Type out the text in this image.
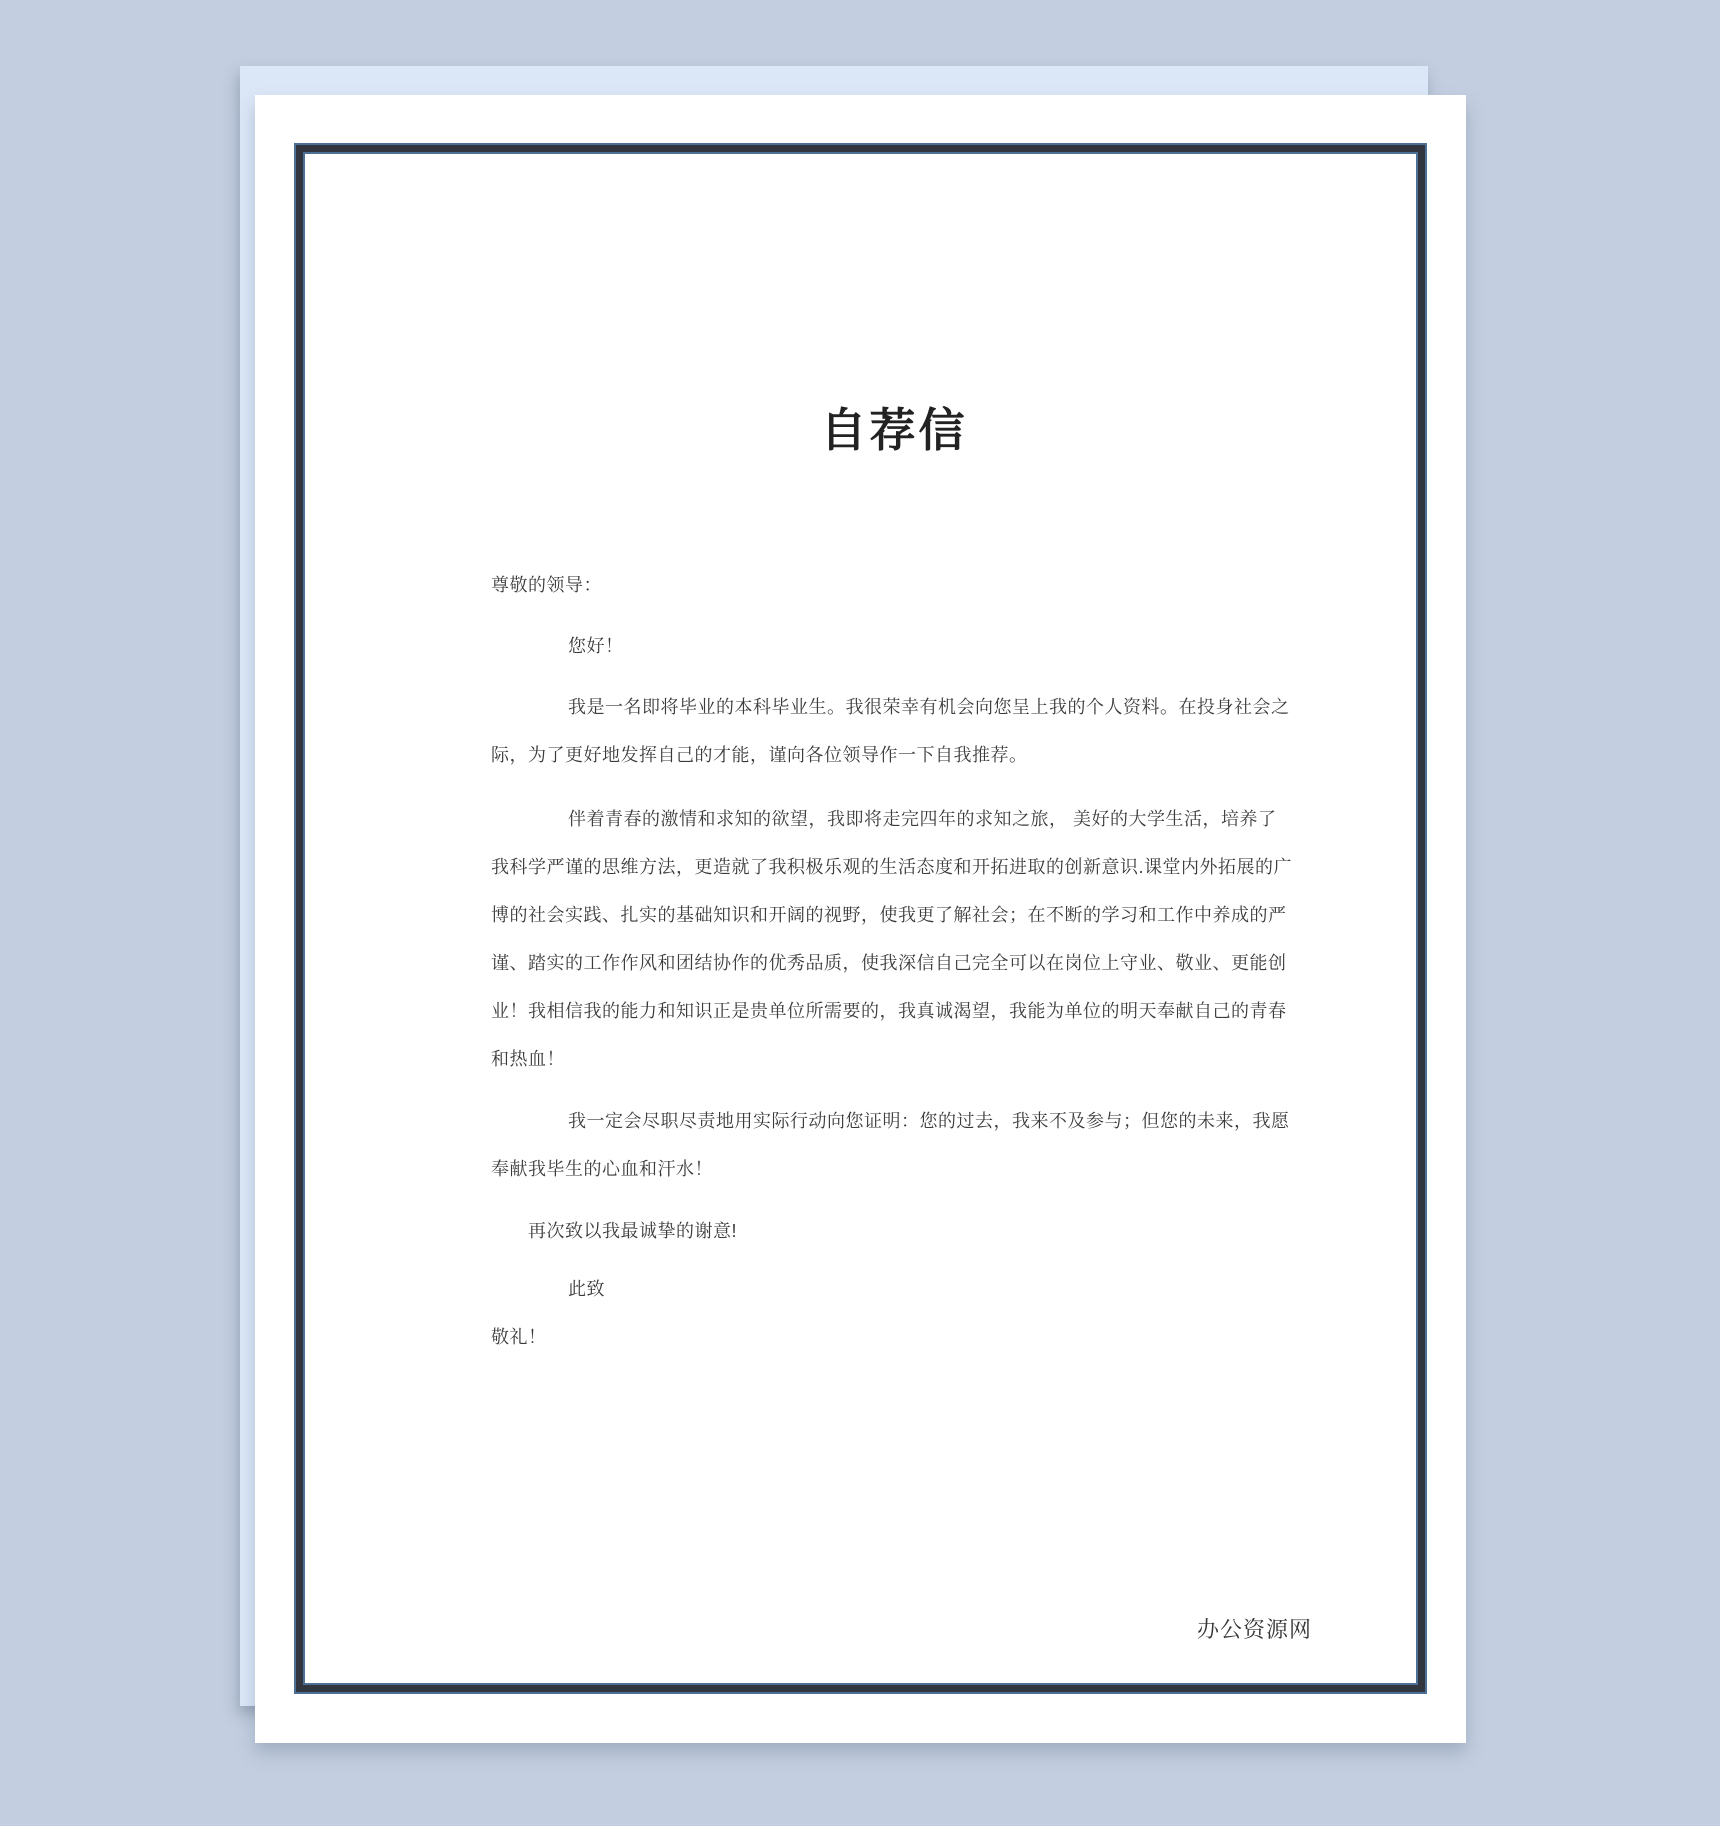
自荐信
尊敬的领导：
您好！
我是一名即将毕业的本科毕业生。我很荣幸有机会向您呈上我的个人资料。在投身社会之
际，为了更好地发挥自己的才能，谨向各位领导作一下自我推荐。
伴着青春的激情和求知的欲望，我即将走完四年的求知之旅， 美好的大学生活，培养了
我科学严谨的思维方法，更造就了我积极乐观的生活态度和开拓进取的创新意识.课堂内外拓展的广
博的社会实践、扎实的基础知识和开阔的视野，使我更了解社会；在不断的学习和工作中养成的严
谨、踏实的工作作风和团结协作的优秀品质，使我深信自己完全可以在岗位上守业、敬业、更能创
业！我相信我的能力和知识正是贵单位所需要的，我真诚渴望，我能为单位的明天奉献自己的青春
和热血！
我一定会尽职尽责地用实际行动向您证明：您的过去，我来不及参与；但您的未来，我愿
奉献我毕生的心血和汗水！
再次致以我最诚挚的谢意!
此致
敬礼！
办公资源网
